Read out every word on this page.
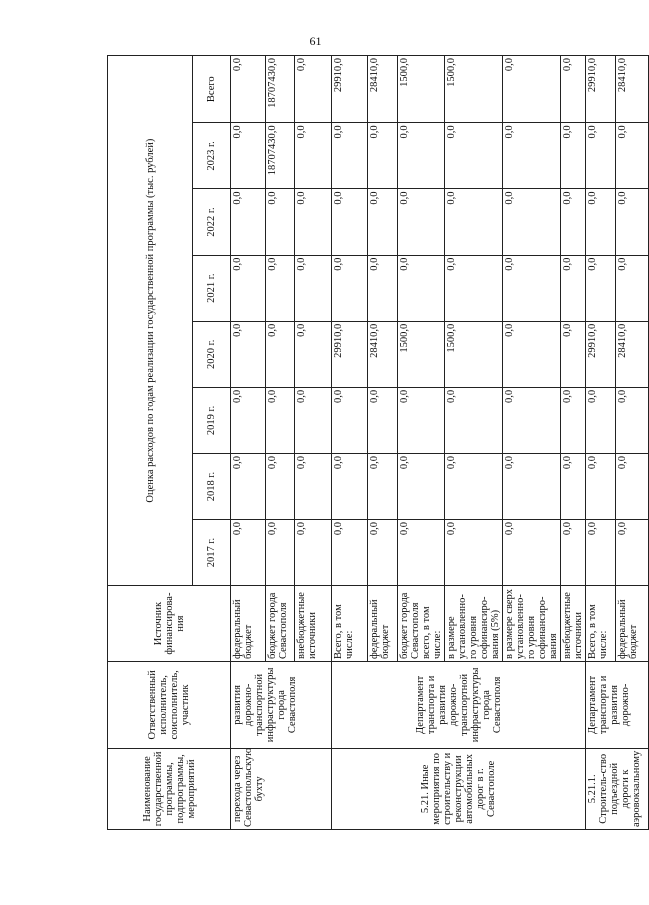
61
Наименование государственной программы, подпрограммы, мероприятий	Ответственный исполнитель, соисполнитель, участник	Источник финансирова-ния	Оценка расходов по годам реализации государственной программы (тыс. рублей)							
			2017 г.	2018 г.	2019 г.	2020 г.	2021 г.	2022 г.	2023 г.	Всего
перехода через Севастопольскую бухту	развития дорожно-транспортной инфраструктуры города Севастополя	федеральный бюджет	0,0	0,0	0,0	0,0	0,0	0,0	0,0	0,0
		бюджет города Севастополя	0,0	0,0	0,0	0,0	0,0	0,0	18707430,0	18707430,0
		внебюджетные источники	0,0	0,0	0,0	0,0	0,0	0,0	0,0	0,0
5.21. Иные мероприятия по строительству и реконструкции автомобильных дорог в г. Севастополе	Департамент транспорта и развития дорожно-транспортной инфраструктуры города Севастополя	Всего, в том числе:	0,0	0,0	0,0	29910,0	0,0	0,0	0,0	29910,0
		федеральный бюджет	0,0	0,0	0,0	28410,0	0,0	0,0	0,0	28410,0
		бюджет города Севастополя всего, в том числе:	0,0	0,0	0,0	1500,0	0,0	0,0	0,0	1500,0
		в размере установленно-го уровня софинансиро-вания (5%)	0,0	0,0	0,0	1500,0	0,0	0,0	0,0	1500,0
		в размере сверх установленно-го уровня софинансиро-вания	0,0	0,0	0,0	0,0	0,0	0,0	0,0	0,0
		внебюджетные источники	0,0	0,0	0,0	0,0	0,0	0,0	0,0	0,0
5.21.1. Строитель-ство подъездной дороги к аэровокзальному	Департамент транспорта и развития дорожно-	Всего, в том числе:	0,0	0,0	0,0	29910,0	0,0	0,0	0,0	29910,0
		федеральный бюджет	0,0	0,0	0,0	28410,0	0,0	0,0	0,0	28410,0
